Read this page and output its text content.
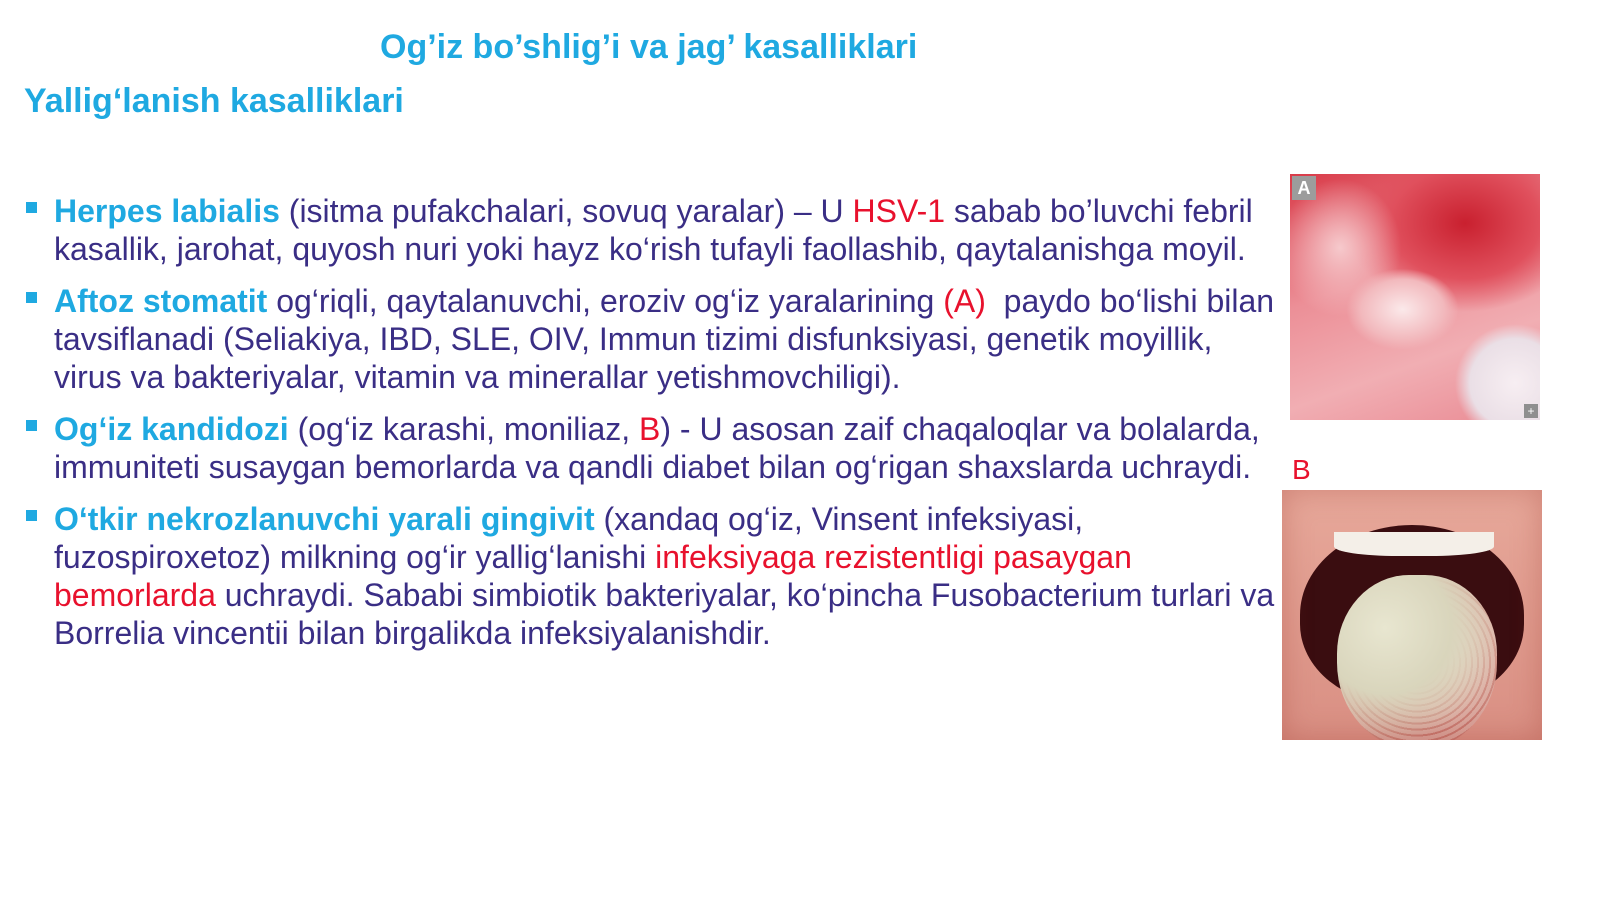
Og’iz bo’shlig’i va jag’ kasalliklari
Yallig‘lanish kasalliklari
Herpes labialis (isitma pufakchalari, sovuq yaralar) – U HSV-1 sabab bo’luvchi febril kasallik, jarohat, quyosh nuri yoki hayz ko‘rish tufayli faollashib, qaytalanishga moyil.
Aftoz stomatit og‘riqli, qaytalanuvchi, eroziv og‘iz yaralarining (A)  paydo bo‘lishi bilan tavsiflanadi (Seliakiya, IBD, SLE, OIV, Immun tizimi disfunksiyasi, genetik moyillik, virus va bakteriyalar, vitamin va minerallar yetishmovchiligi).
Og‘iz kandidozi (og‘iz karashi, moniliaz, B) - U asosan zaif chaqaloqlar va bolalarda, immuniteti susaygan bemorlarda va qandli diabet bilan og‘rigan shaxslarda uchraydi.
O‘tkir nekrozlanuvchi yarali gingivit (xandaq og‘iz, Vinsent infeksiyasi, fuzospiroxetoz) milkning og‘ir yallig‘lanishi infeksiyaga rezistentligi pasaygan bemorlarda uchraydi. Sababi simbiotik bakteriyalar, ko‘pincha Fusobacterium turlari va Borrelia vincentii bilan birgalikda infeksiyalanishdir.
A
+
B
